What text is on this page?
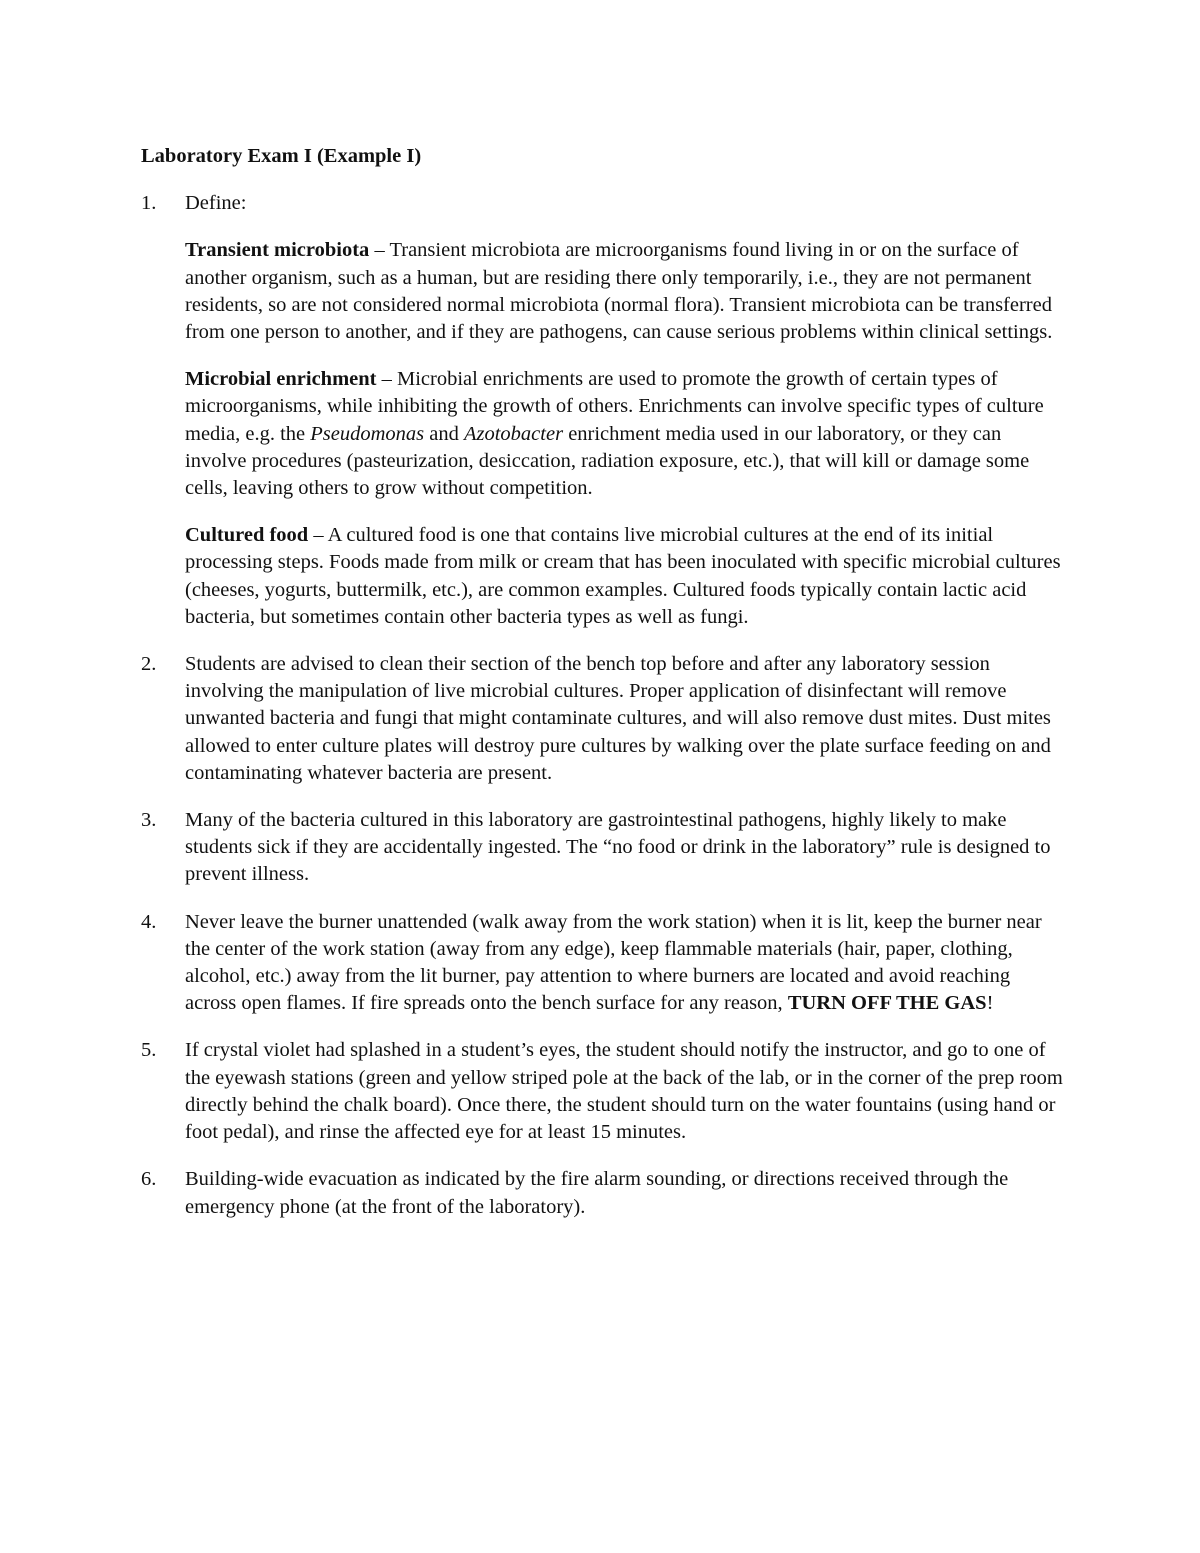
Laboratory Exam I (Example I)
1. Define:
Transient microbiota – Transient microbiota are microorganisms found living in or on the surface of another organism, such as a human, but are residing there only temporarily, i.e., they are not permanent residents, so are not considered normal microbiota (normal flora). Transient microbiota can be transferred from one person to another, and if they are pathogens, can cause serious problems within clinical settings.
Microbial enrichment – Microbial enrichments are used to promote the growth of certain types of microorganisms, while inhibiting the growth of others. Enrichments can involve specific types of culture media, e.g. the Pseudomonas and Azotobacter enrichment media used in our laboratory, or they can involve procedures (pasteurization, desiccation, radiation exposure, etc.), that will kill or damage some cells, leaving others to grow without competition.
Cultured food – A cultured food is one that contains live microbial cultures at the end of its initial processing steps. Foods made from milk or cream that has been inoculated with specific microbial cultures (cheeses, yogurts, buttermilk, etc.), are common examples. Cultured foods typically contain lactic acid bacteria, but sometimes contain other bacteria types as well as fungi.
2. Students are advised to clean their section of the bench top before and after any laboratory session involving the manipulation of live microbial cultures. Proper application of disinfectant will remove unwanted bacteria and fungi that might contaminate cultures, and will also remove dust mites. Dust mites allowed to enter culture plates will destroy pure cultures by walking over the plate surface feeding on and contaminating whatever bacteria are present.
3. Many of the bacteria cultured in this laboratory are gastrointestinal pathogens, highly likely to make students sick if they are accidentally ingested. The “no food or drink in the laboratory” rule is designed to prevent illness.
4. Never leave the burner unattended (walk away from the work station) when it is lit, keep the burner near the center of the work station (away from any edge), keep flammable materials (hair, paper, clothing, alcohol, etc.) away from the lit burner, pay attention to where burners are located and avoid reaching across open flames. If fire spreads onto the bench surface for any reason, TURN OFF THE GAS!
5. If crystal violet had splashed in a student’s eyes, the student should notify the instructor, and go to one of the eyewash stations (green and yellow striped pole at the back of the lab, or in the corner of the prep room directly behind the chalk board). Once there, the student should turn on the water fountains (using hand or foot pedal), and rinse the affected eye for at least 15 minutes.
6. Building-wide evacuation as indicated by the fire alarm sounding, or directions received through the emergency phone (at the front of the laboratory).
